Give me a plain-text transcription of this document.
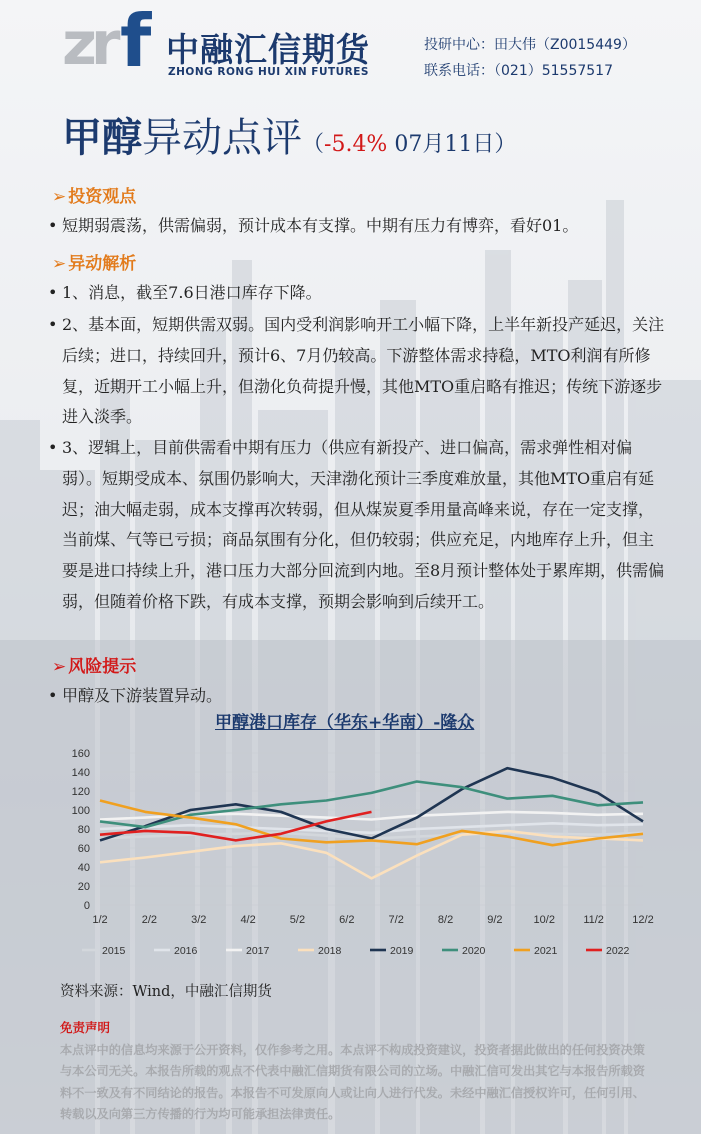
zr f 中融汇信期货
ZHONG RONG HUI XIN FUTURES
投研中心：田大伟（Z0015449）
联系电话：（021）51557517
甲醇异动点评（-5.4% 07月11日）
➢ 投资观点
• 短期弱震荡，供需偏弱，预计成本有支撑。中期有压力有博弈，看好01。
➢ 异动解析
• 1、消息，截至7.6日港口库存下降。
• 2、基本面，短期供需双弱。国内受利润影响开工小幅下降，上半年新投产延迟，关注后续；进口，持续回升，预计6、7月仍较高。下游整体需求持稳，MTO利润有所修复，近期开工小幅上升，但渤化负荷提升慢，其他MTO重启略有推迟；传统下游逐步进入淡季。
• 3、逻辑上，目前供需看中期有压力（供应有新投产、进口偏高，需求弹性相对偏弱）。短期受成本、氛围仍影响大，天津渤化预计三季度难放量，其他MTO重启有延迟；油大幅走弱，成本支撑再次转弱，但从煤炭夏季用量高峰来说，存在一定支撑，当前煤、气等已亏损；商品氛围有分化，但仍较弱；供应充足，内地库存上升，但主要是进口持续上升，港口压力大部分回流到内地。至8月预计整体处于累库期，供需偏弱，但随着价格下跌，有成本支撑，预期会影响到后续开工。
➢ 风险提示
• 甲醇及下游装置异动。
甲醇港口库存（华东+华南）-隆众
0
20
40
60
80
100
120
140
160
1/2	2/2	3/2	4/2	5/2	6/2	7/2	8/2	9/2	10/2	11/2	12/2
2015	2016	2017	2018	2019	2020	2021	2022
资料来源：Wind，中融汇信期货
免责声明
本点评中的信息均来源于公开资料，仅作参考之用。本点评不构成投资建议，投资者据此做出的任何投资决策与本公司无关。本报告所载的观点不代表中融汇信期货有限公司的立场。中融汇信可发出其它与本报告所载资料不一致及有不同结论的报告。本报告不可发原向人或让向人进行代发。未经中融汇信授权许可，任何引用、转载以及向第三方传播的行为均可能承担法律责任。
